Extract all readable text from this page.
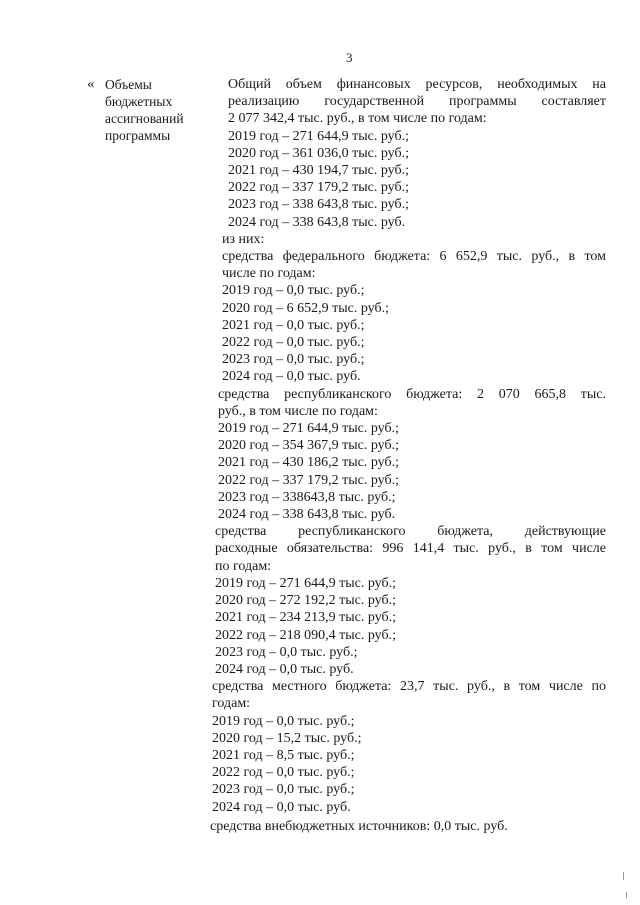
3
« Объемы
бюджетных
ассигнований
программы
Общий объем финансовых ресурсов, необходимых на
реализацию государственной программы составляет
2 077 342,4 тыс. руб., в том числе по годам:
2019 год – 271 644,9 тыс. руб.;
2020 год – 361 036,0 тыс. руб.;
2021 год – 430 194,7 тыс. руб.;
2022 год – 337 179,2 тыс. руб.;
2023 год – 338 643,8 тыс. руб.;
2024 год – 338 643,8 тыс. руб.
из них:
средства федерального бюджета: 6 652,9 тыс. руб., в том
числе по годам:
2019 год – 0,0 тыс. руб.;
2020 год – 6 652,9 тыс. руб.;
2021 год – 0,0 тыс. руб.;
2022 год – 0,0 тыс. руб.;
2023 год – 0,0 тыс. руб.;
2024 год – 0,0 тыс. руб.
средства республиканского бюджета: 2 070 665,8 тыс.
руб., в том числе по годам:
2019 год – 271 644,9 тыс. руб.;
2020 год – 354 367,9 тыс. руб.;
2021 год – 430 186,2 тыс. руб.;
2022 год – 337 179,2 тыс. руб.;
2023 год – 338643,8 тыс. руб.;
2024 год – 338 643,8 тыс. руб.
средства республиканского бюджета, действующие
расходные обязательства: 996 141,4 тыс. руб., в том числе
по годам:
2019 год – 271 644,9 тыс. руб.;
2020 год – 272 192,2 тыс. руб.;
2021 год – 234 213,9 тыс. руб.;
2022 год – 218 090,4 тыс. руб.;
2023 год – 0,0 тыс. руб.;
2024 год – 0,0 тыс. руб.
средства местного бюджета: 23,7 тыс. руб., в том числе по
годам:
2019 год – 0,0 тыс. руб.;
2020 год – 15,2 тыс. руб.;
2021 год – 8,5 тыс. руб.;
2022 год – 0,0 тыс. руб.;
2023 год – 0,0 тыс. руб.;
2024 год – 0,0 тыс. руб.
средства внебюджетных источников: 0,0 тыс. руб.
